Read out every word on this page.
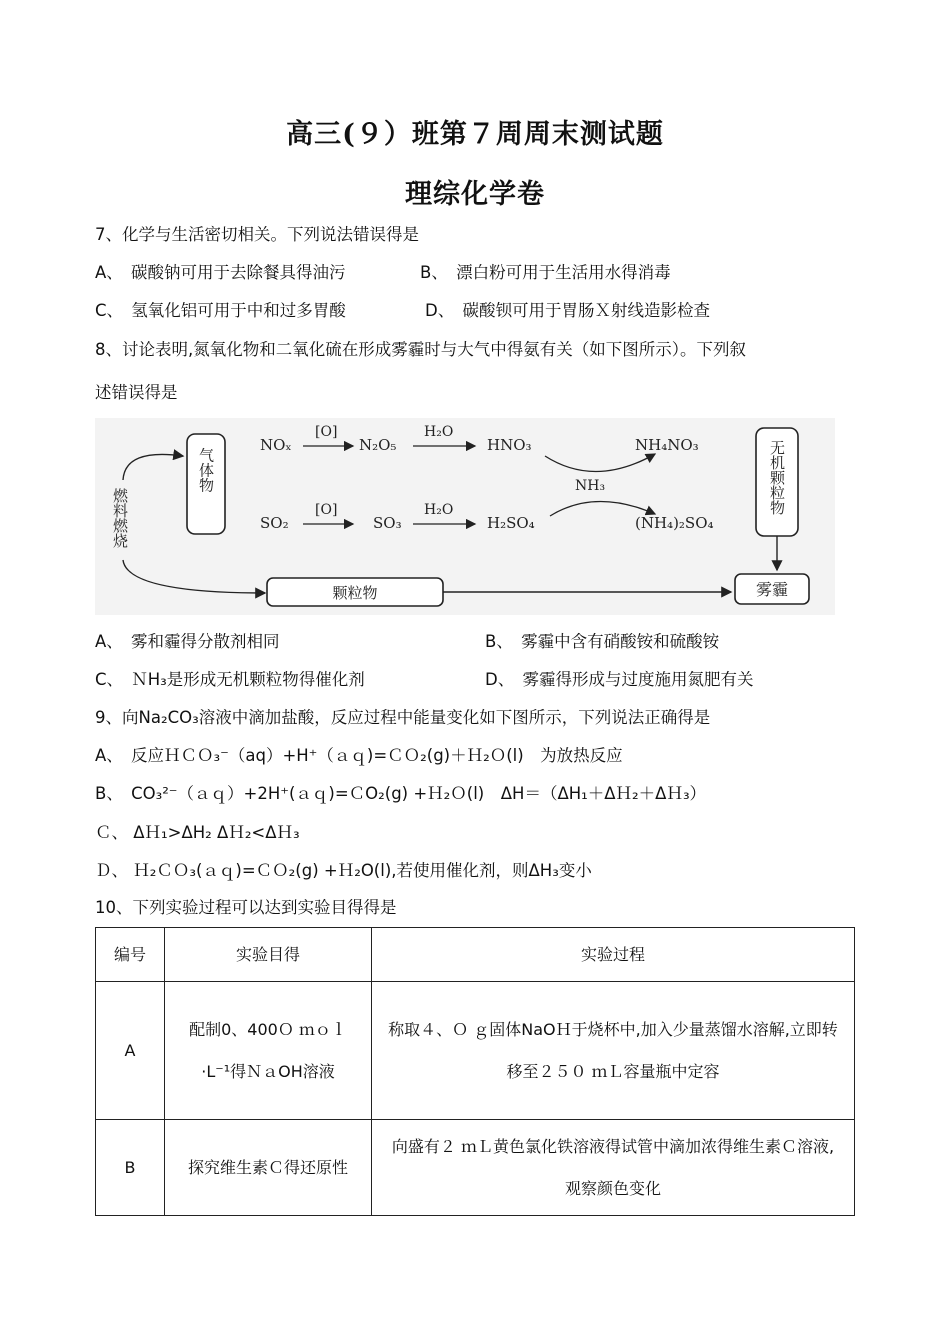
高三(９）班第７周周末测试题
理综化学卷
7、化学与生活密切相关。下列说法错误得是
A、　碳酸钠可用于去除餐具得油污	B、　漂白粉可用于生活用水得消毒
C、　氢氧化铝可用于中和过多胃酸	D、　碳酸钡可用于胃肠Ｘ射线造影检查
8、讨论表明,氮氧化物和二氧化硫在形成雾霾时与大气中得氨有关（如下图所示）。下列叙
述错误得是
气体物
燃料燃烧
颗粒物	雾霾
无机颗粒物
NOₓ
[O]
N₂O₅
H₂O
HNO₃	NH₄NO₃
NH₃
SO₂
[O]
SO₃
H₂O
H₂SO₄	(NH₄)₂SO₄
A、　雾和霾得分散剂相同	B、　雾霾中含有硝酸铵和硫酸铵
C、　ＮH₃是形成无机颗粒物得催化剂	D、　雾霾得形成与过度施用氮肥有关
9、向Na₂CO₃溶液中滴加盐酸，反应过程中能量变化如下图所示，下列说法正确得是
A、　反应ＨＣＯ₃⁻（aq）+H⁺（ａｑ)=ＣＯ₂(g)＋Ｈ₂Ｏ(l)　为放热反应
B、　CO₃²⁻（ａｑ）+2H⁺(ａｑ)=ＣO₂(g) +Ｈ₂Ｏ(l)　ΔH＝（ΔH₁＋ΔＨ₂＋ΔＨ₃）
Ｃ、 ΔＨ₁>ΔH₂ ΔＨ₂<ΔＨ₃
Ｄ、 Ｈ₂ＣＯ₃(ａｑ)=ＣＯ₂(g) +Ｈ₂O(l),若使用催化剂，则ΔH₃变小
10、下列实验过程可以达到实验目得得是
编号	实验目得	实验过程
A	配制0、400Ｏ ｍｏｌ·L⁻¹得ＮａOH溶液	称取４、Ｏ ｇ固体NaOＨ于烧杯中,加入少量蒸馏水溶解,立即转移至２５０ ｍＬ容量瓶中定容
B	探究维生素Ｃ得还原性	向盛有２ ｍＬ黄色氯化铁溶液得试管中滴加浓得维生素Ｃ溶液,观察颜色变化
